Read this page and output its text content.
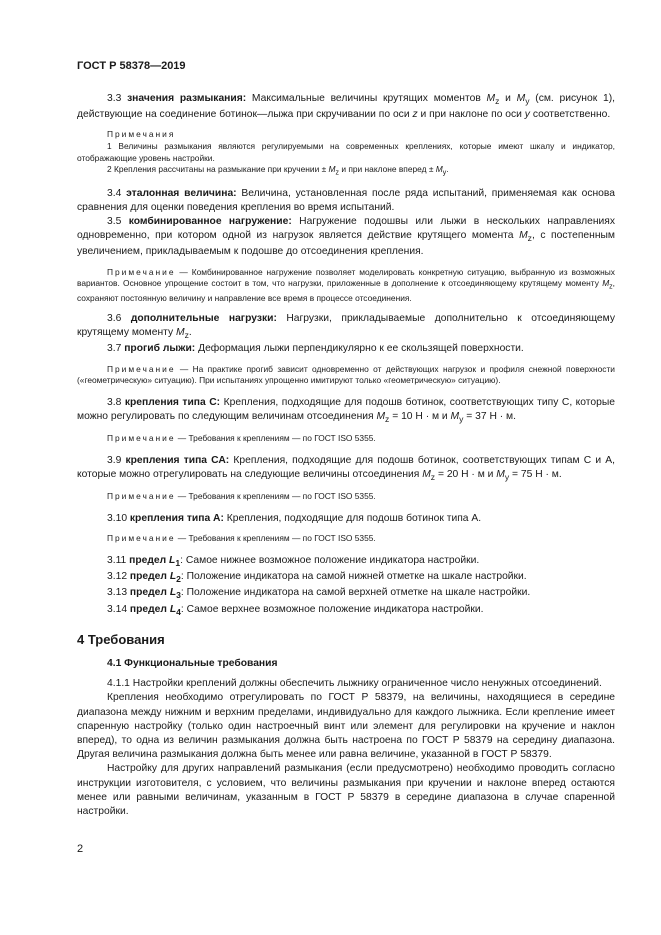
ГОСТ Р 58378—2019

3.3 значения размыкания: Максимальные величины крутящих моментов $M_z$ и $M_y$ (см. рисунок 1), действующие на соединение ботинок—лыжа при скручивании по оси z и при наклоне по оси y соответственно.

Примечания

1 Величины размыкания являются регулируемыми на современных креплениях, которые имеют шкалу и индикатор, отображающие уровень настройки.

2 Крепления рассчитаны на размыкание при кручении ± $M_z$ и при наклоне вперед ± $M_y$.

3.4 эталонная величина: Величина, установленная после ряда испытаний, применяемая как основа сравнения для оценки поведения крепления во время испытаний.

3.5 комбинированное нагружение: Нагружение подошвы или лыжи в нескольких направлениях одновременно, при котором одной из нагрузок является действие крутящего момента $M_z$, с постепенным увеличением, прикладываемым к подошве до отсоединения крепления.

Примечание — Комбинированное нагружение позволяет моделировать конкретную ситуацию, выбранную из возможных вариантов. Основное упрощение состоит в том, что нагрузки, приложенные в дополнение к отсоединяющему крутящему моменту $M_z$, сохраняют постоянную величину и направление все время в процессе отсоединения.

3.6 дополнительные нагрузки: Нагрузки, прикладываемые дополнительно к отсоединяющему крутящему моменту $M_z$.

3.7 прогиб лыжи: Деформация лыжи перпендикулярно к ее скользящей поверхности.

Примечание — На практике прогиб зависит одновременно от действующих нагрузок и профиля снежной поверхности («геометрическую» ситуацию). При испытаниях упрощенно имитируют только «геометрическую» ситуацию).

3.8 крепления типа С: Крепления, подходящие для подошв ботинок, соответствующих типу С, которые можно регулировать по следующим величинам отсоединения $M_z = 10$ Н · м и $M_y = 37$ Н · м.

Примечание — Требования к креплениям — по ГОСТ ISO 5355.

3.9 крепления типа СА: Крепления, подходящие для подошв ботинок, соответствующих типам С и А, которые можно отрегулировать на следующие величины отсоединения $M_z = 20$ Н · м и $M_y = 75$ Н · м.

Примечание — Требования к креплениям — по ГОСТ ISO 5355.

3.10 крепления типа А: Крепления, подходящие для подошв ботинок типа А.

Примечание — Требования к креплениям — по ГОСТ ISO 5355.

3.11 предел $L_1$: Самое нижнее возможное положение индикатора настройки.

3.12 предел $L_2$: Положение индикатора на самой нижней отметке на шкале настройки.

3.13 предел $L_3$: Положение индикатора на самой верхней отметке на шкале настройки.

3.14 предел $L_4$: Самое верхнее возможное положение индикатора настройки.

4 Требования
4.1 Функциональные требования

4.1.1 Настройки креплений должны обеспечить лыжнику ограниченное число ненужных отсоединений.

Крепления необходимо отрегулировать по ГОСТ Р 58379, на величины, находящиеся в середине диапазона между нижним и верхним пределами, индивидуально для каждого лыжника. Если крепление имеет спаренную настройку (только один настроечный винт или элемент для регулировки на кручение и наклон вперед), то одна из величин размыкания должна быть настроена по ГОСТ Р 58379 на середину диапазона. Другая величина размыкания должна быть менее или равна величине, указанной в ГОСТ Р 58379.

Настройку для других направлений размыкания (если предусмотрено) необходимо проводить согласно инструкции изготовителя, с условием, что величины размыкания при кручении и наклоне вперед остаются менее или равными величинам, указанным в ГОСТ Р 58379 в середине диапазона в случае спаренной настройки.

2
